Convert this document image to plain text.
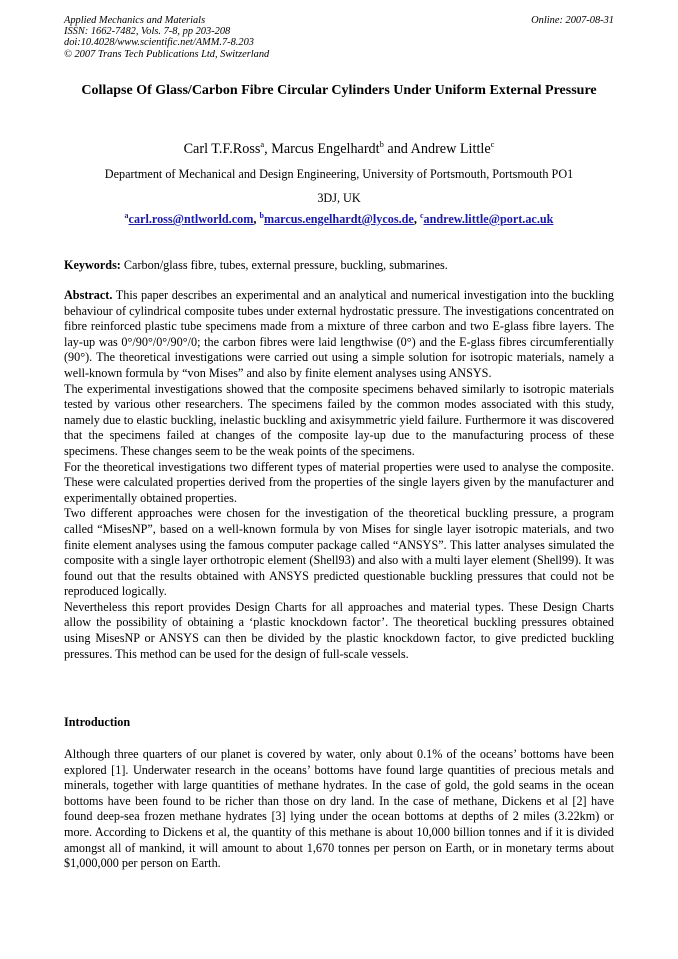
Applied Mechanics and Materials
ISSN: 1662-7482, Vols. 7-8, pp 203-208
doi:10.4028/www.scientific.net/AMM.7-8.203
© 2007 Trans Tech Publications Ltd, Switzerland
Online: 2007-08-31
Collapse Of Glass/Carbon Fibre Circular Cylinders Under Uniform External Pressure
Carl T.F.Ross$^a$, Marcus Engelhardt$^b$ and Andrew Little$^c$
Department of Mechanical and Design Engineering, University of Portsmouth, Portsmouth PO1
3DJ, UK
$^a$carl.ross@ntlworld.com, $^b$marcus.engelhardt@lycos.de, $^c$andrew.little@port.ac.uk
Keywords: Carbon/glass fibre, tubes, external pressure, buckling, submarines.

Abstract. This paper describes an experimental and an analytical and numerical investigation into the buckling behaviour of cylindrical composite tubes under external hydrostatic pressure. The investigations concentrated on fibre reinforced plastic tube specimens made from a mixture of three carbon and two E-glass fibre layers. The lay-up was 0°/90°/0°/90°/0; the carbon fibres were laid lengthwise (0°) and the E-glass fibres circumferentially (90°). The theoretical investigations were carried out using a simple solution for isotropic materials, namely a well-known formula by “von Mises” and also by finite element analyses using ANSYS.

The experimental investigations showed that the composite specimens behaved similarly to isotropic materials tested by various other researchers. The specimens failed by the common modes associated with this study, namely due to elastic buckling, inelastic buckling and axisymmetric yield failure. Furthermore it was discovered that the specimens failed at changes of the composite lay-up due to the manufacturing process of these specimens. These changes seem to be the weak points of the specimens.

For the theoretical investigations two different types of material properties were used to analyse the composite. These were calculated properties derived from the properties of the single layers given by the manufacturer and experimentally obtained properties.

Two different approaches were chosen for the investigation of the theoretical buckling pressure, a program called “MisesNP”, based on a well-known formula by von Mises for single layer isotropic materials, and two finite element analyses using the famous computer package called “ANSYS”. This latter analyses simulated the composite with a single layer orthotropic element (Shell93) and also with a multi layer element (Shell99). It was found out that the results obtained with ANSYS predicted questionable buckling pressures that could not be reproduced logically.

Nevertheless this report provides Design Charts for all approaches and material types. These Design Charts allow the possibility of obtaining a ‘plastic knockdown factor’. The theoretical buckling pressures obtained using MisesNP or ANSYS can then be divided by the plastic knockdown factor, to give predicted buckling pressures. This method can be used for the design of full-scale vessels.

Introduction

Although three quarters of our planet is covered by water, only about 0.1% of the oceans’ bottoms have been explored [1]. Underwater research in the oceans’ bottoms have found large quantities of precious metals and minerals, together with large quantities of methane hydrates. In the case of gold, the gold seams in the ocean bottoms have been found to be richer than those on dry land. In the case of methane, Dickens et al [2] have found deep-sea frozen methane hydrates [3] lying under the ocean bottoms at depths of 2 miles (3.22km) or more. According to Dickens et al, the quantity of this methane is about 10,000 billion tonnes and if it is divided amongst all of mankind, it will amount to about 1,670 tonnes per person on Earth, or in monetary terms about $1,000,000 per person on Earth.
